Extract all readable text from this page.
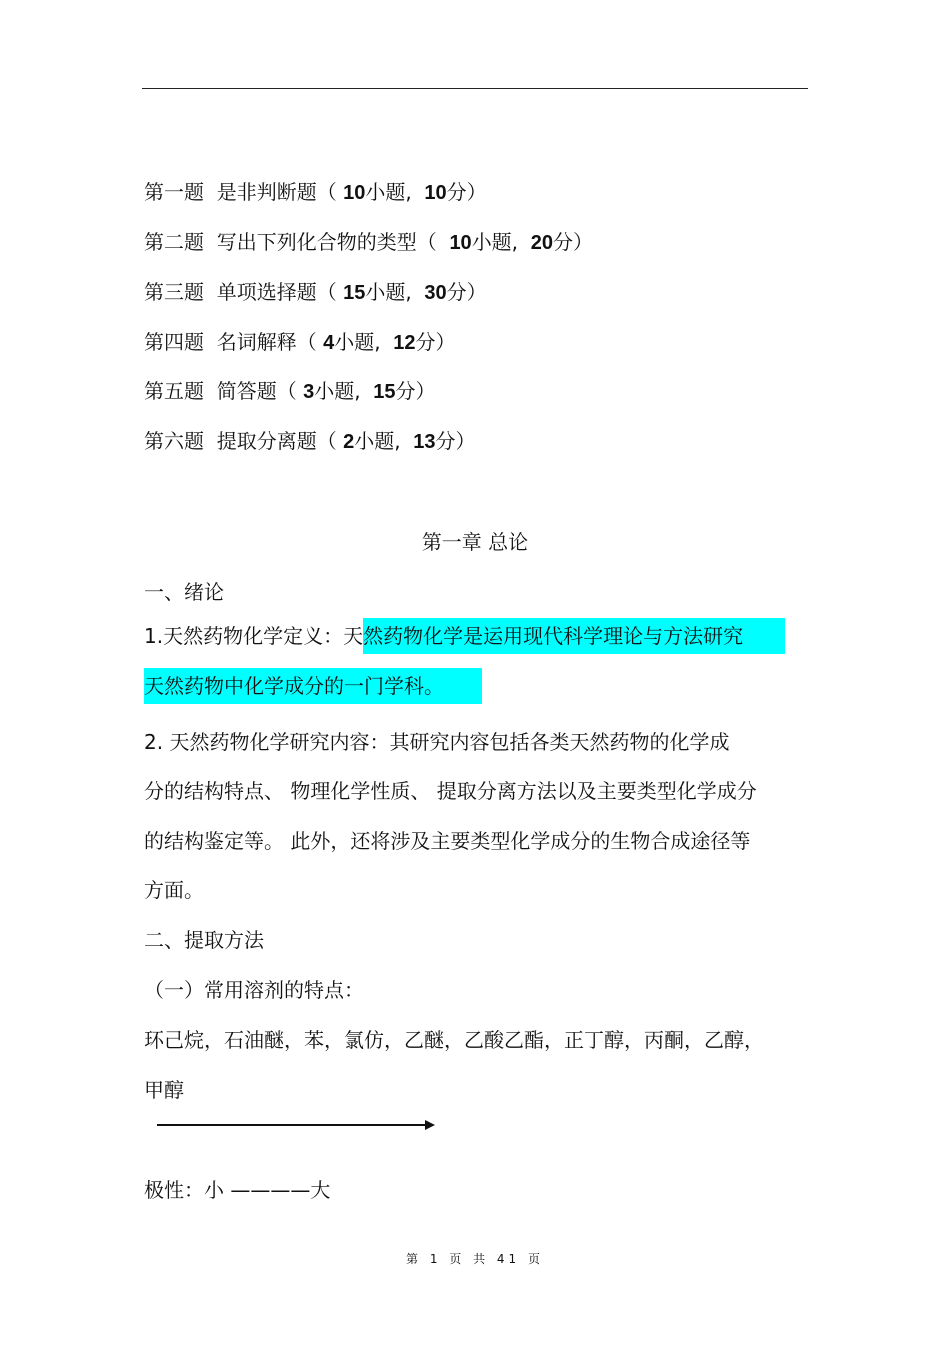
第一题 是非判断题（ 10小题, 10分）
第二题 写出下列化合物的类型（ 10小题, 20分）
第三题 单项选择题（ 15小题, 30分）
第四题 名词解释（ 4小题, 12分）
第五题 简答题（ 3小题, 15分）
第六题 提取分离题（ 2小题, 13分）
第一章 总论
一、绪论
1.天然药物化学定义：天然药物化学是运用现代科学理论与方法研究
天然药物中化学成分的一门学科。
2. 天然药物化学研究内容：其研究内容包括各类天然药物的化学成
分的结构特点、 物理化学性质、 提取分离方法以及主要类型化学成分
的结构鉴定等。 此外，还将涉及主要类型化学成分的生物合成途径等
方面。
二、提取方法
（一）常用溶剂的特点：
环己烷，石油醚，苯，氯仿，乙醚，乙酸乙酯，正丁醇，丙酮，乙醇，
甲醇
极性：小 ————大
第 1 页 共 41 页
